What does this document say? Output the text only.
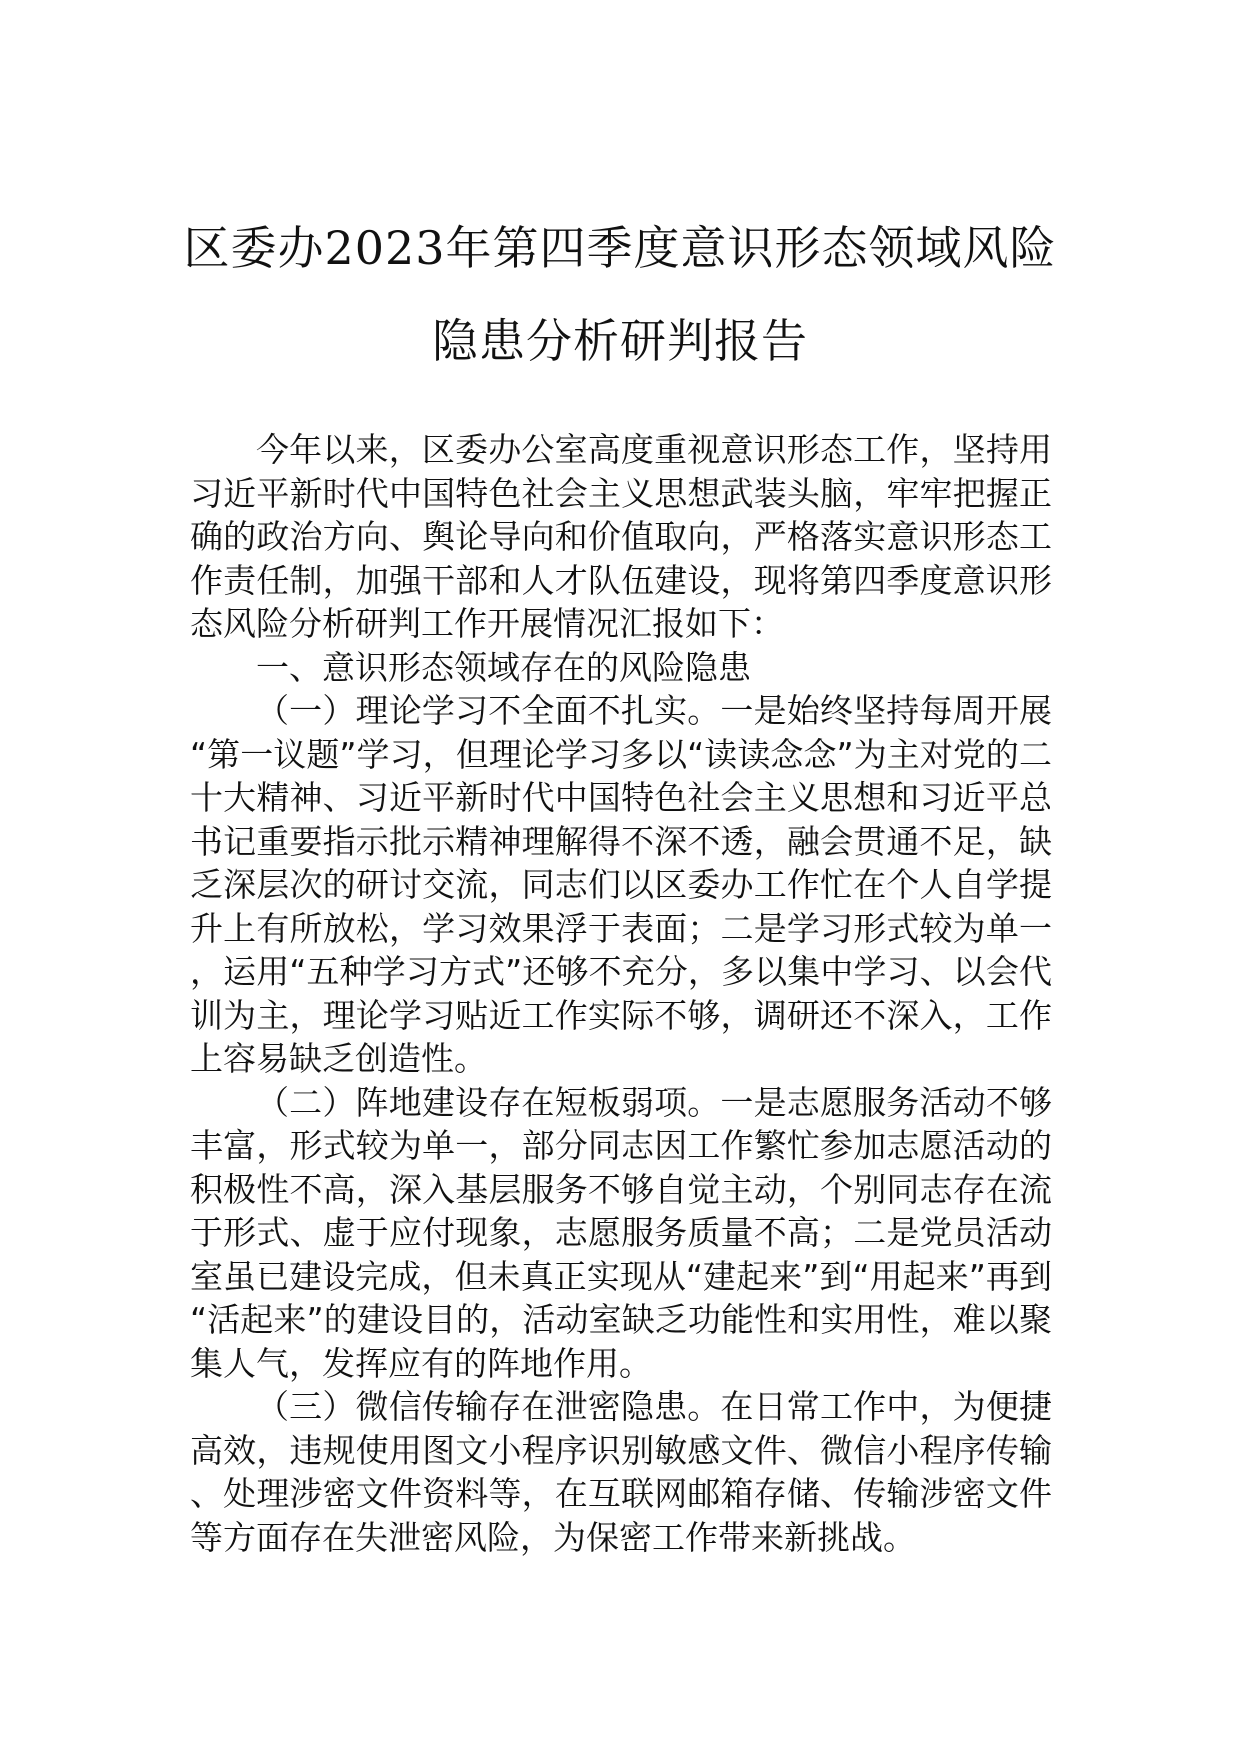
区委办2023年第四季度意识形态领域风险
隐患分析研判报告

今年以来，区委办公室高度重视意识形态工作，坚持用习近平新时代中国特色社会主义思想武装头脑，牢牢把握正确的政治方向、舆论导向和价值取向，严格落实意识形态工作责任制，加强干部和人才队伍建设，现将第四季度意识形态风险分析研判工作开展情况汇报如下：

一、意识形态领域存在的风险隐患

（一）理论学习不全面不扎实。一是始终坚持每周开展“第一议题”学习，但理论学习多以“读读念念”为主对党的二十大精神、习近平新时代中国特色社会主义思想和习近平总书记重要指示批示精神理解得不深不透，融会贯通不足，缺乏深层次的研讨交流，同志们以区委办工作忙在个人自学提升上有所放松，学习效果浮于表面；二是学习形式较为单一，运用“五种学习方式”还够不充分，多以集中学习、以会代训为主，理论学习贴近工作实际不够，调研还不深入，工作上容易缺乏创造性。

（二）阵地建设存在短板弱项。一是志愿服务活动不够丰富，形式较为单一，部分同志因工作繁忙参加志愿活动的积极性不高，深入基层服务不够自觉主动，个别同志存在流于形式、虚于应付现象，志愿服务质量不高；二是党员活动室虽已建设完成，但未真正实现从“建起来”到“用起来”再到“活起来”的建设目的，活动室缺乏功能性和实用性，难以聚集人气，发挥应有的阵地作用。

（三）微信传输存在泄密隐患。在日常工作中，为便捷高效，违规使用图文小程序识别敏感文件、微信小程序传输、处理涉密文件资料等，在互联网邮箱存储、传输涉密文件等方面存在失泄密风险，为保密工作带来新挑战。
